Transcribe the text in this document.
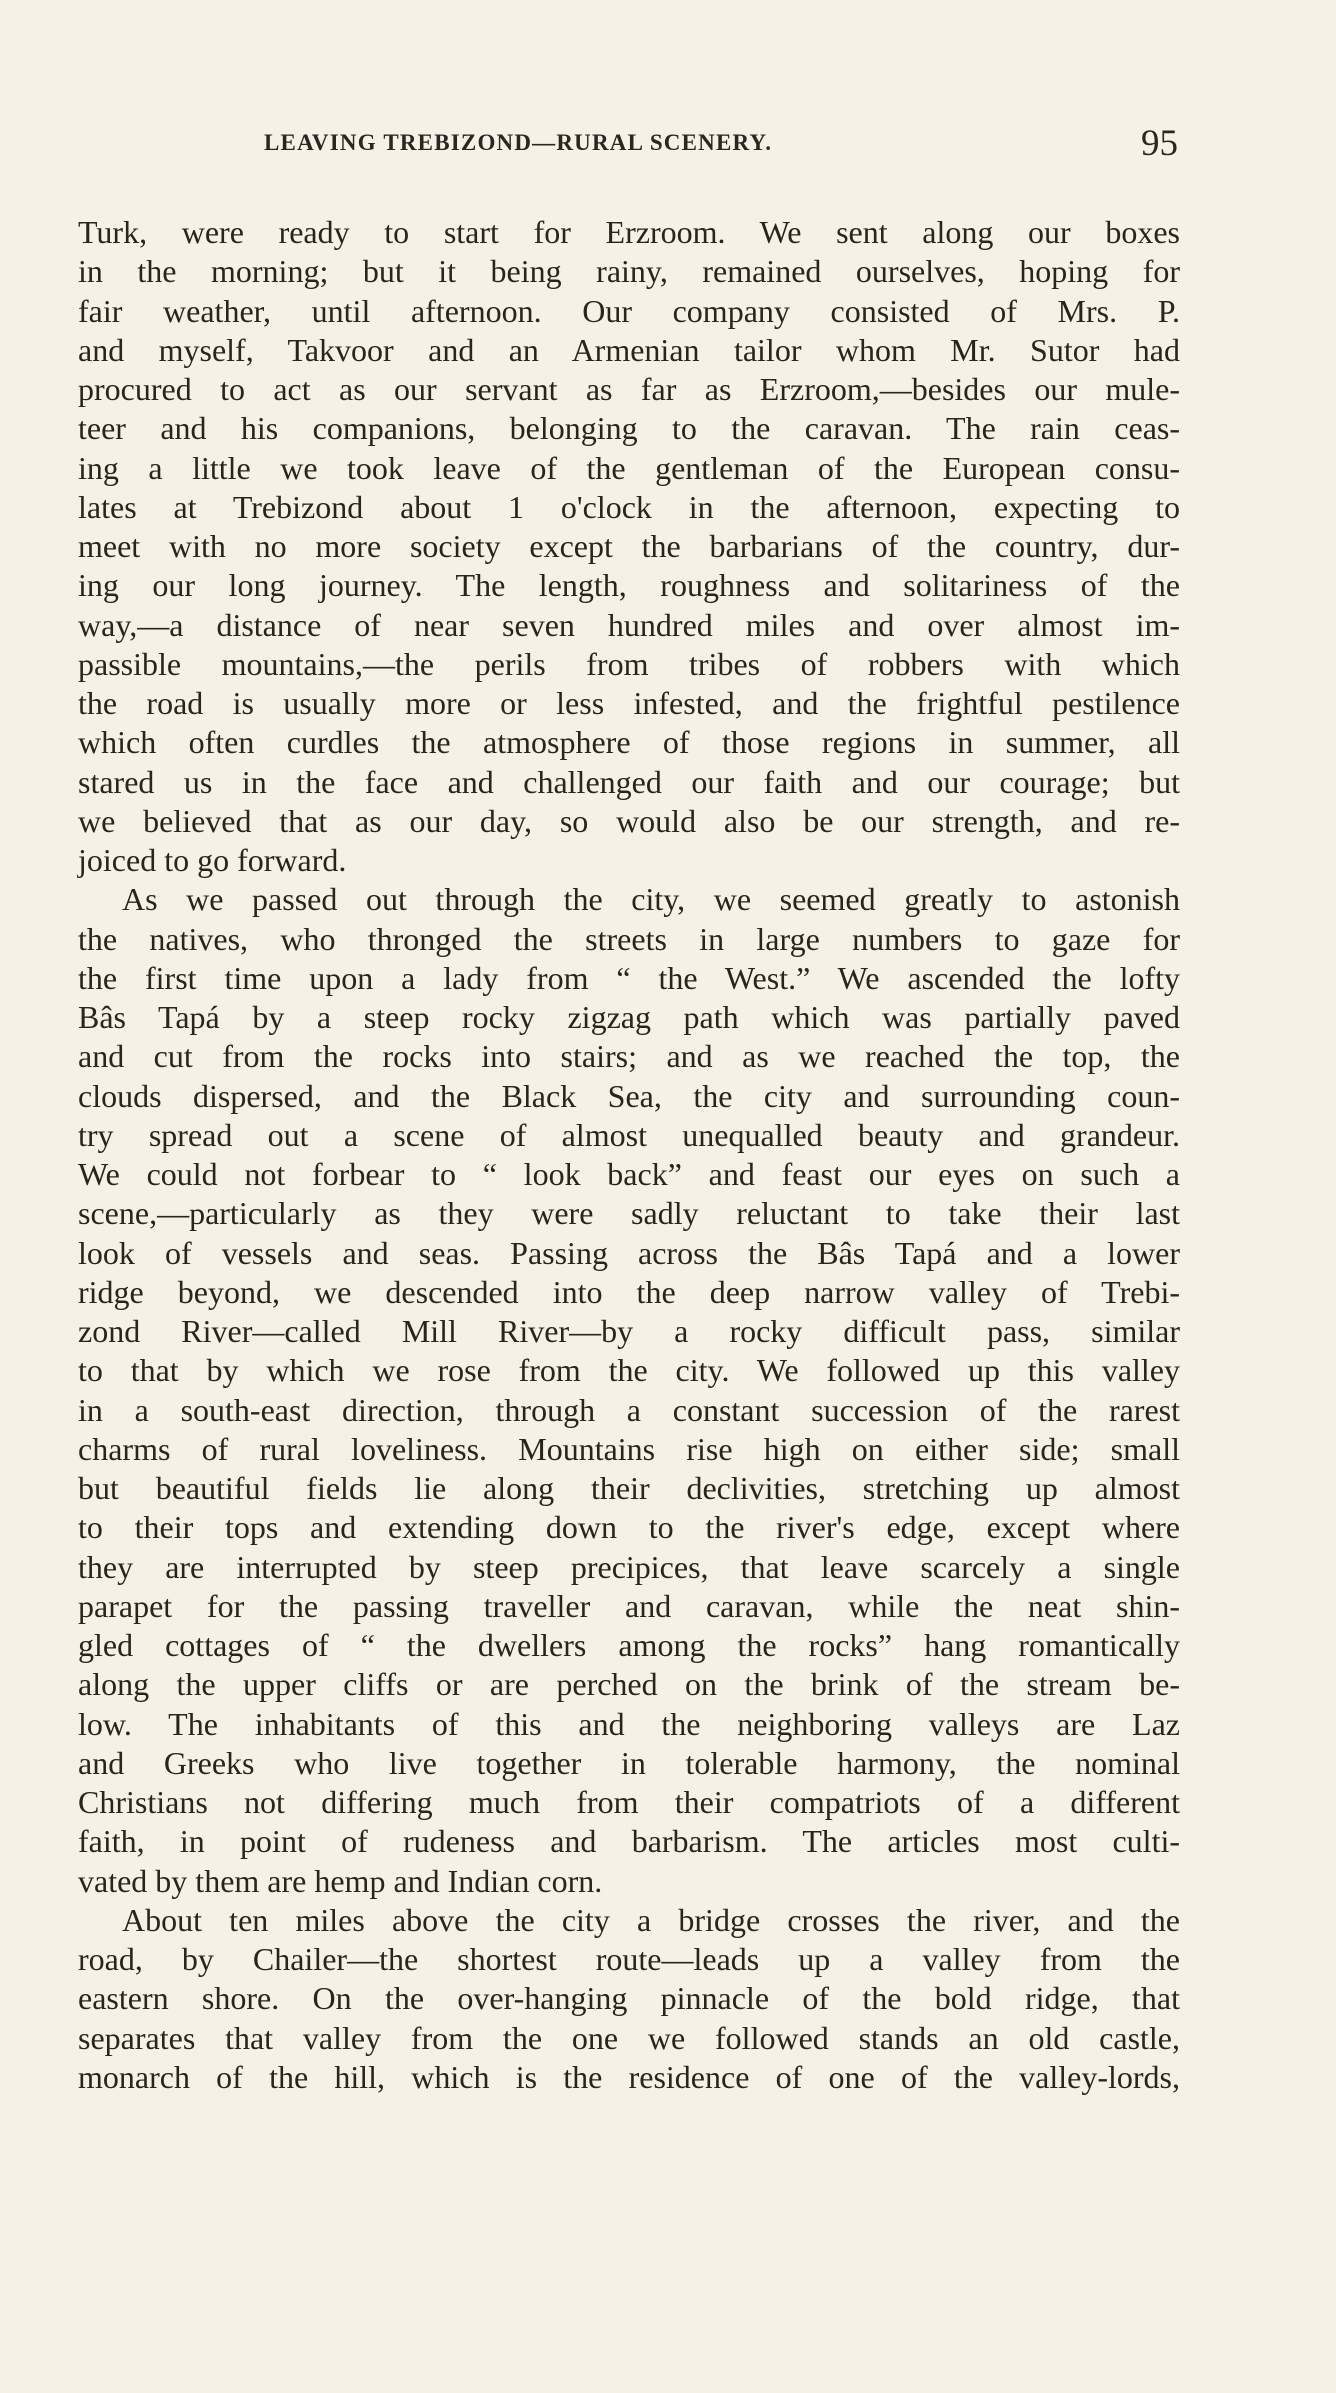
LEAVING TREBIZOND—RURAL SCENERY.	95

Turk, were ready to start for Erzroom. We sent along our boxes

in the morning; but it being rainy, remained ourselves, hoping for

fair weather, until afternoon. Our company consisted of Mrs. P.

and myself, Takvoor and an Armenian tailor whom Mr. Sutor had

procured to act as our servant as far as Erzroom,—besides our mule-

teer and his companions, belonging to the caravan. The rain ceas-

ing a little we took leave of the gentleman of the European consu-

lates at Trebizond about 1 o'clock in the afternoon, expecting to

meet with no more society except the barbarians of the country, dur-

ing our long journey. The length, roughness and solitariness of the

way,—a distance of near seven hundred miles and over almost im-

passible mountains,—the perils from tribes of robbers with which

the road is usually more or less infested, and the frightful pestilence

which often curdles the atmosphere of those regions in summer, all

stared us in the face and challenged our faith and our courage; but

we believed that as our day, so would also be our strength, and re-

joiced to go forward.

As we passed out through the city, we seemed greatly to astonish

the natives, who thronged the streets in large numbers to gaze for

the first time upon a lady from “ the West.” We ascended the lofty

Bâs Tapá by a steep rocky zigzag path which was partially paved

and cut from the rocks into stairs; and as we reached the top, the

clouds dispersed, and the Black Sea, the city and surrounding coun-

try spread out a scene of almost unequalled beauty and grandeur.

We could not forbear to “ look back” and feast our eyes on such a

scene,—particularly as they were sadly reluctant to take their last

look of vessels and seas. Passing across the Bâs Tapá and a lower

ridge beyond, we descended into the deep narrow valley of Trebi-

zond River—called Mill River—by a rocky difficult pass, similar

to that by which we rose from the city. We followed up this valley

in a south-east direction, through a constant succession of the rarest

charms of rural loveliness. Mountains rise high on either side; small

but beautiful fields lie along their declivities, stretching up almost

to their tops and extending down to the river's edge, except where

they are interrupted by steep precipices, that leave scarcely a single

parapet for the passing traveller and caravan, while the neat shin-

gled cottages of “ the dwellers among the rocks” hang romantically

along the upper cliffs or are perched on the brink of the stream be-

low. The inhabitants of this and the neighboring valleys are Laz

and Greeks who live together in tolerable harmony, the nominal

Christians not differing much from their compatriots of a different

faith, in point of rudeness and barbarism. The articles most culti-

vated by them are hemp and Indian corn.

About ten miles above the city a bridge crosses the river, and the

road, by Chailer—the shortest route—leads up a valley from the

eastern shore. On the over-hanging pinnacle of the bold ridge, that

separates that valley from the one we followed stands an old castle,

monarch of the hill, which is the residence of one of the valley-lords,
